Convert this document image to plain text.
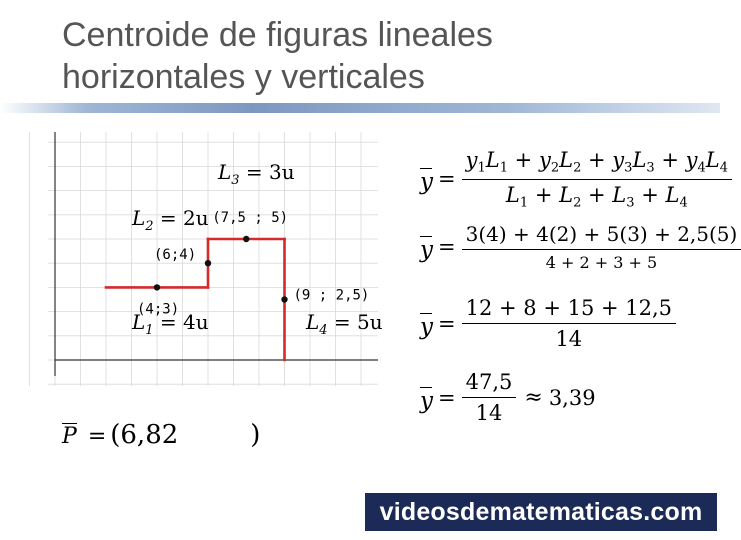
Centroide de figuras lineales
horizontales y verticales
(4;3)
(6;4)
(7,5 ; 5)
(9 ; 2,5)
$L_3 = 3u$
$L_2 = 2u$
$L_1 = 4u$	$L_4 = 5u$
$y = \frac{y_1L_1 + y_2L_2 + y_3L_3 + y_4L_4}{L_1 + L_2 + L_3 + L_4}$
$y = \frac{3(4) + 4(2) + 5(3) + 2,5(5)}{4 + 2 + 3 + 5}$
$y = \frac{12 + 8 + 15 + 12,5}{14}$
$y = \frac{47,5}{14} \approx 3,39$
P = (6,82	)
videosdematematicas.com
